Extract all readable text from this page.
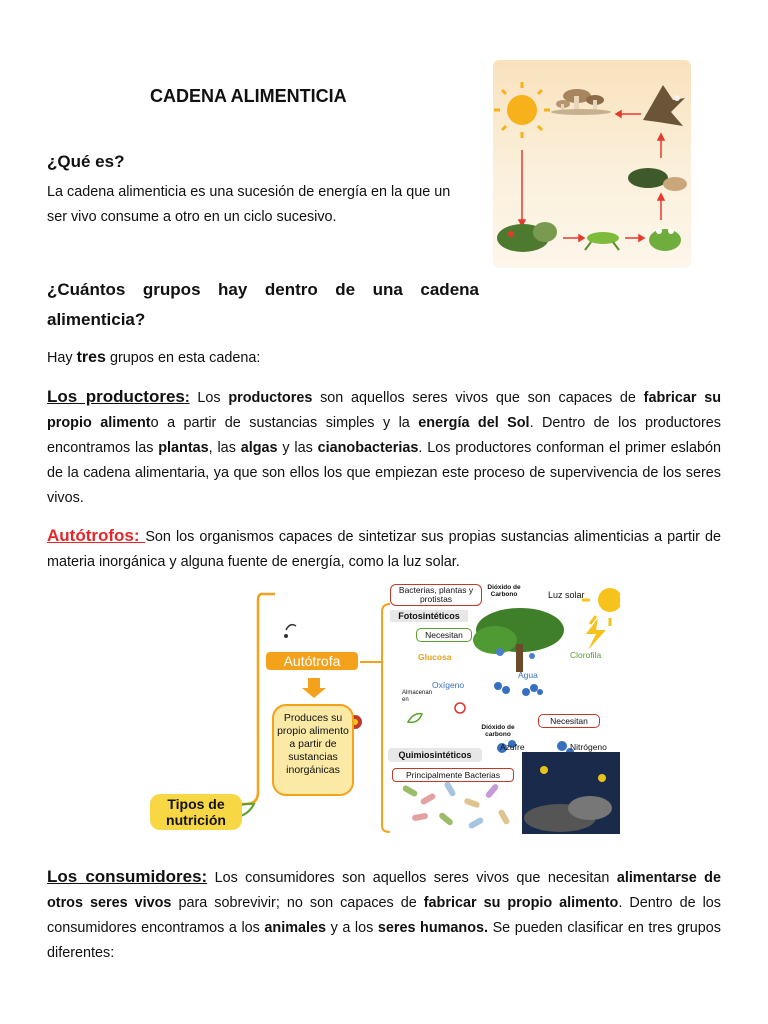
CADENA ALIMENTICIA
¿Qué es?
La cadena alimenticia es una sucesión de energía en la que un
ser vivo consume a otro en un ciclo sucesivo.
¿Cuántos grupos hay dentro de una cadena
alimenticia?
Hay tres grupos en esta cadena:
Los productores: Los productores son aquellos seres vivos que son capaces de fabricar su propio alimento a partir de sustancias simples y la energía del Sol. Dentro de los productores encontramos las plantas, las algas y las cianobacterias. Los productores conforman el primer eslabón de la cadena alimentaria, ya que son ellos los que empiezan este proceso de supervivencia de los seres vivos.
Autótrofos: Son los organismos capaces de sintetizar sus propias sustancias alimenticias a partir de materia inorgánica y alguna fuente de energía, como la luz solar.
Tipos de nutrición
Autótrofa
Produces su propio alimento a partir de sustancias inorgánicas
Bacterias, plantas y protistas
Fotosintéticos
Necesitan
Glucosa
Oxígeno
Almacenan en
Dióxido de Carbono	Luz solar
Clorofila
Agua
Dióxido de carbono
Necesitan
Quimiosintéticos
Principalmente Bacterias
Azufre	Nitrógeno
Los consumidores: Los consumidores son aquellos seres vivos que necesitan alimentarse de otros seres vivos para sobrevivir; no son capaces de fabricar su propio alimento. Dentro de los consumidores encontramos a los animales y a los seres humanos. Se pueden clasificar en tres grupos diferentes:
